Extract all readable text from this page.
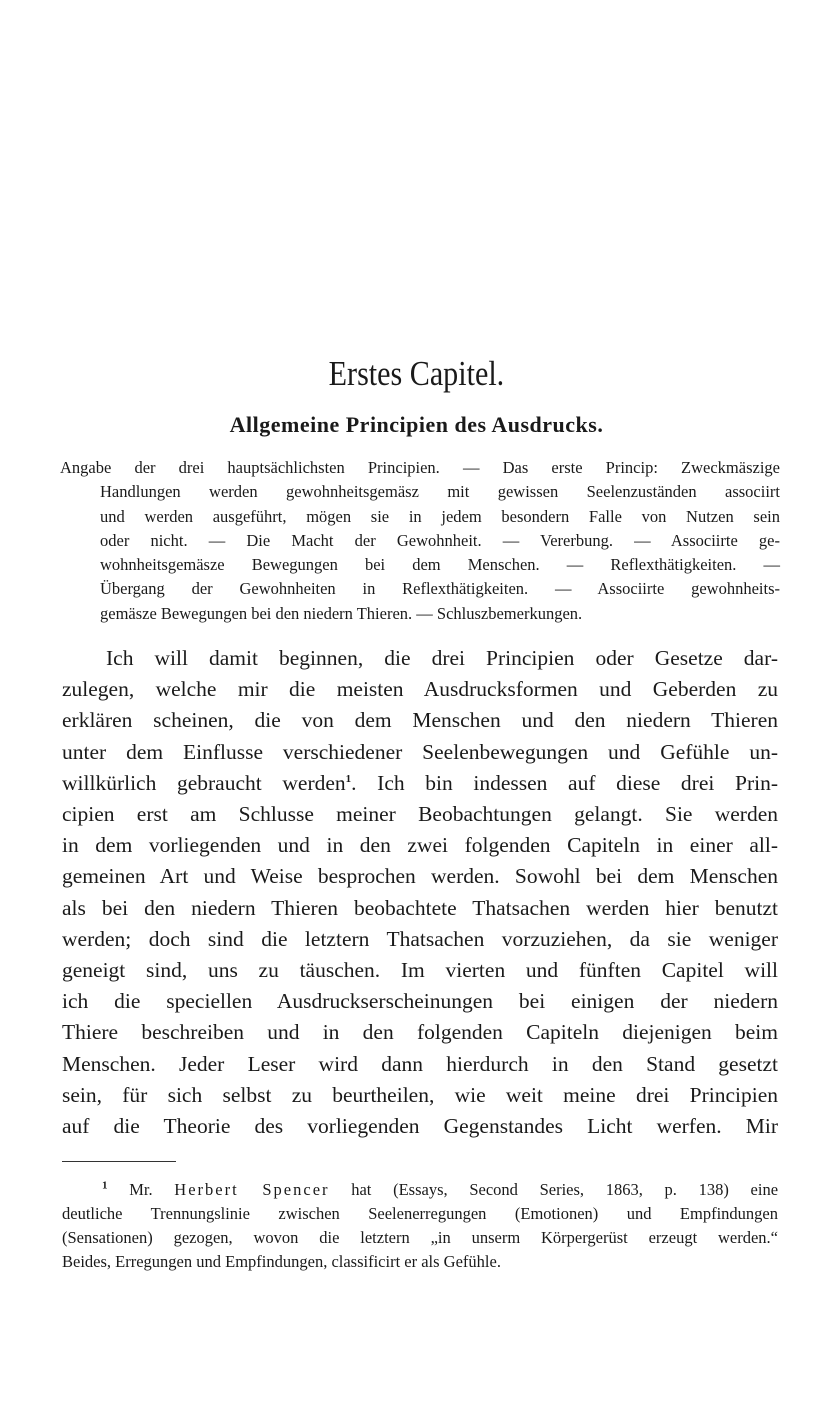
Erstes Capitel.
Allgemeine Principien des Ausdrucks.
Angabe der drei hauptsächlichsten Principien. — Das erste Princip: Zweckmäszige
Handlungen werden gewohnheitsgemäsz mit gewissen Seelenzuständen associirt
und werden ausgeführt, mögen sie in jedem besondern Falle von Nutzen sein
oder nicht. — Die Macht der Gewohnheit. — Vererbung. — Associirte ge-
wohnheitsgemäsze Bewegungen bei dem Menschen. — Reflexthätigkeiten. —
Übergang der Gewohnheiten in Reflexthätigkeiten. — Associirte gewohnheits-
gemäsze Bewegungen bei den niedern Thieren. — Schluszbemerkungen.
Ich will damit beginnen, die drei Principien oder Gesetze dar-
zulegen, welche mir die meisten Ausdrucksformen und Geberden zu
erklären scheinen, die von dem Menschen und den niedern Thieren
unter dem Einflusse verschiedener Seelenbewegungen und Gefühle un-
willkürlich gebraucht werden$^1$. Ich bin indessen auf diese drei Prin-
cipien erst am Schlusse meiner Beobachtungen gelangt. Sie werden
in dem vorliegenden und in den zwei folgenden Capiteln in einer all-
gemeinen Art und Weise besprochen werden. Sowohl bei dem Menschen
als bei den niedern Thieren beobachtete Thatsachen werden hier benutzt
werden; doch sind die letztern Thatsachen vorzuziehen, da sie weniger
geneigt sind, uns zu täuschen. Im vierten und fünften Capitel will
ich die speciellen Ausdruckserscheinungen bei einigen der niedern
Thiere beschreiben und in den folgenden Capiteln diejenigen beim
Menschen. Jeder Leser wird dann hierdurch in den Stand gesetzt
sein, für sich selbst zu beurtheilen, wie weit meine drei Principien
auf die Theorie des vorliegenden Gegenstandes Licht werfen. Mir
$^1$ Mr. Herbert Spencer hat (Essays, Second Series, 1863, p. 138) eine
deutliche Trennungslinie zwischen Seelenerregungen (Emotionen) und Empfindungen
(Sensationen) gezogen, wovon die letztern „in unserm Körpergerüst erzeugt werden.“
Beides, Erregungen und Empfindungen, classificirt er als Gefühle.
